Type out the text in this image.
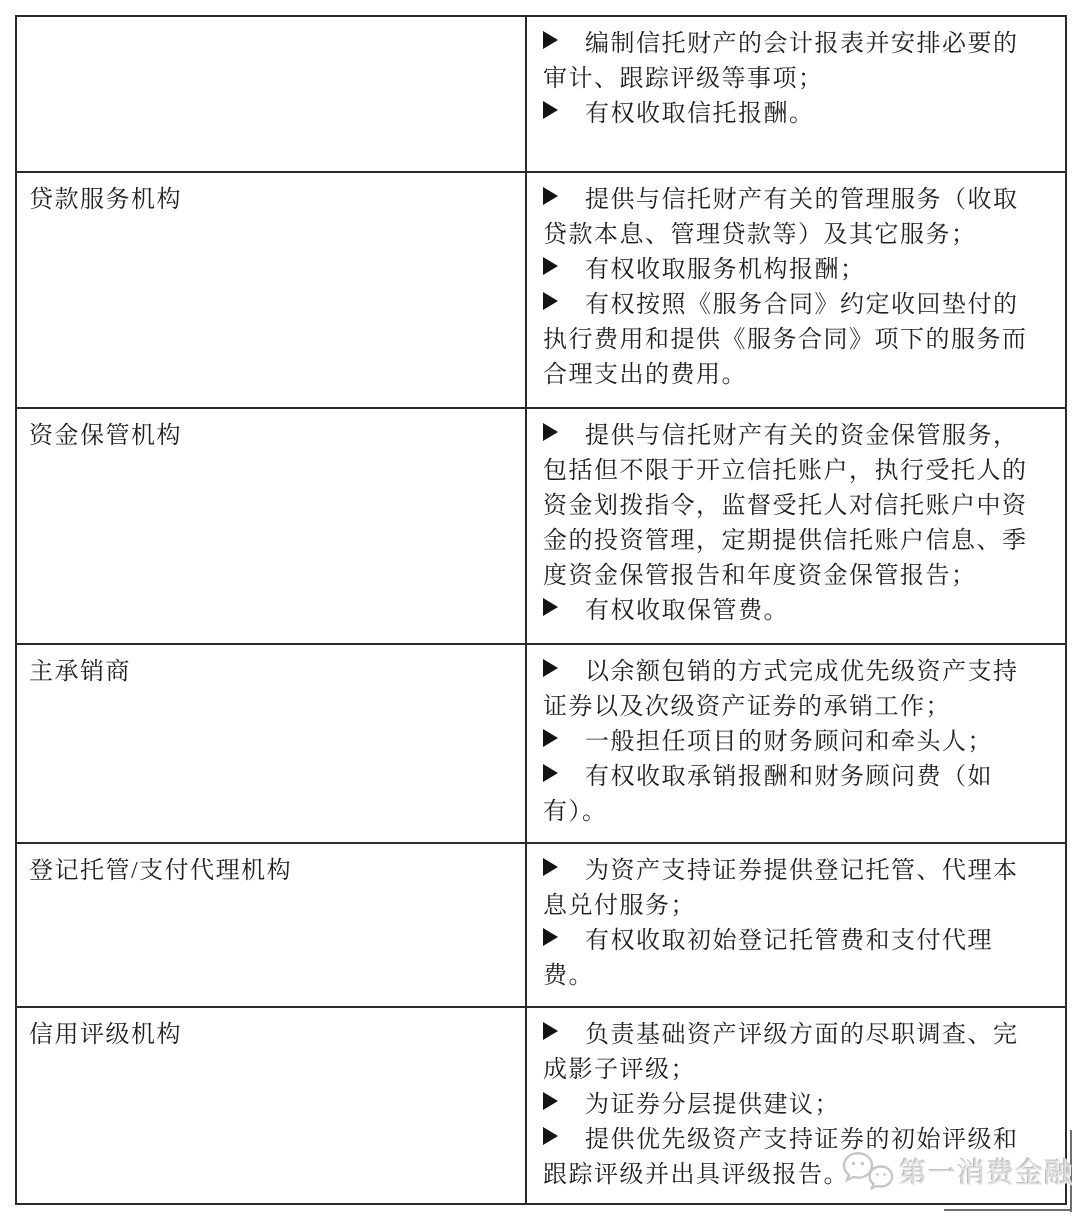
	编制信托财产的会计报表并安排必要的审计、跟踪评级等事项；

有权收取信托报酬。

贷款服务机构	提供与信托财产有关的管理服务（收取贷款本息、管理贷款等）及其它服务；

有权收取服务机构报酬；

有权按照《服务合同》约定收回垫付的执行费用和提供《服务合同》项下的服务而合理支出的费用。

资金保管机构	提供与信托财产有关的资金保管服务，包括但不限于开立信托账户，执行受托人的资金划拨指令，监督受托人对信托账户中资金的投资管理，定期提供信托账户信息、季度资金保管报告和年度资金保管报告；

有权收取保管费。

主承销商	以余额包销的方式完成优先级资产支持证券以及次级资产证券的承销工作；

一般担任项目的财务顾问和牵头人；

有权收取承销报酬和财务顾问费（如有）。

登记托管/支付代理机构	为资产支持证券提供登记托管、代理本息兑付服务；

有权收取初始登记托管费和支付代理费。

信用评级机构	负责基础资产评级方面的尽职调查、完成影子评级；

为证券分层提供建议；

提供优先级资产支持证券的初始评级和跟踪评级并出具评级报告。	第一消费金融
